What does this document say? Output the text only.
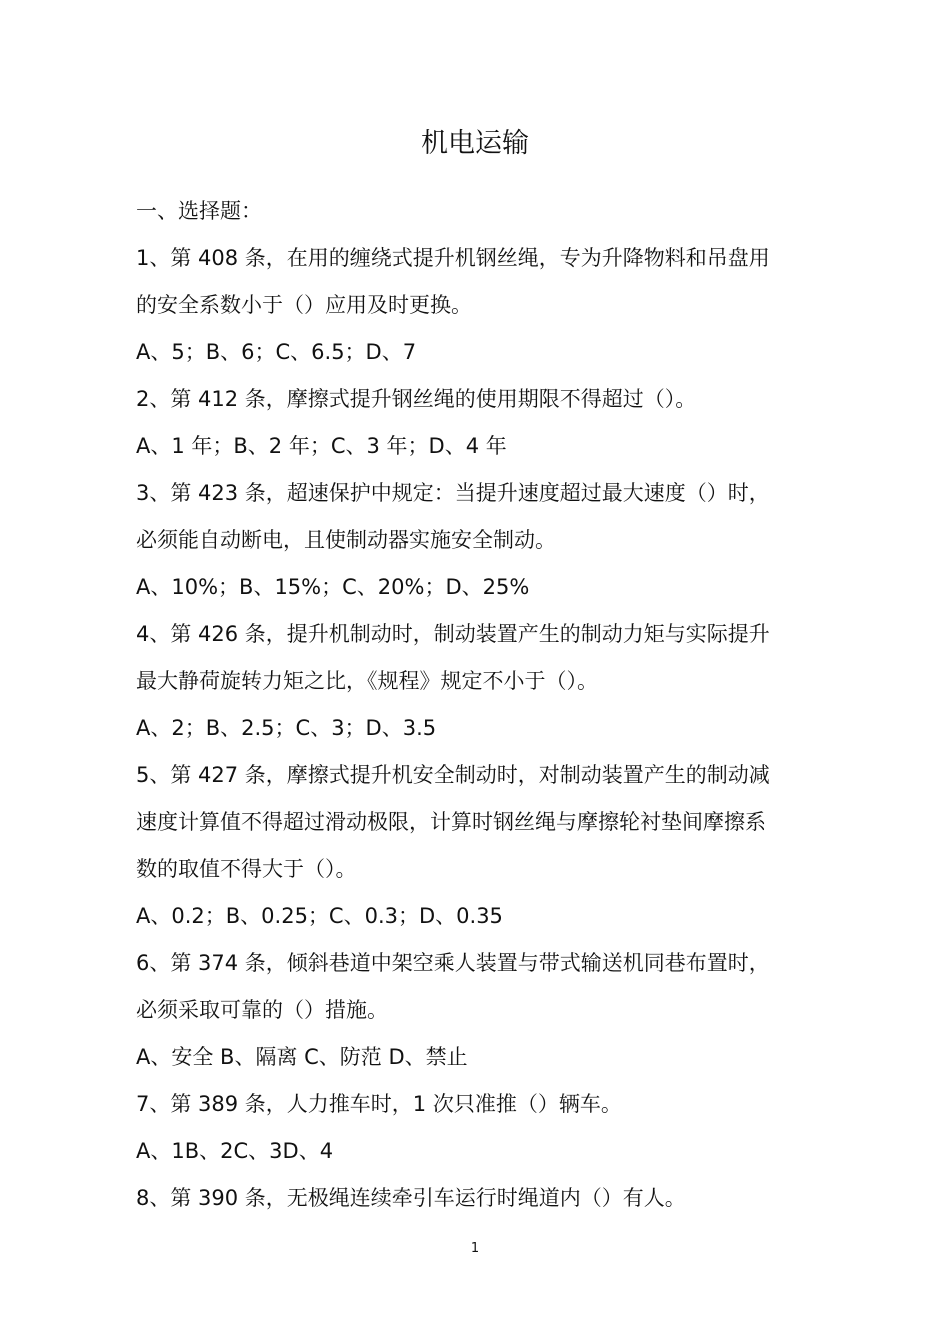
机电运输

一、选择题：

1、第 408 条，在用的缠绕式提升机钢丝绳，专为升降物料和吊盘用

的安全系数小于（）应用及时更换。

A、5；B、6；C、6.5；D、7

2、第 412 条，摩擦式提升钢丝绳的使用期限不得超过（）。

A、1 年；B、2 年；C、3 年；D、4 年

3、第 423 条，超速保护中规定：当提升速度超过最大速度（）时，

必须能自动断电，且使制动器实施安全制动。

A、10%；B、15%；C、20%；D、25%

4、第 426 条，提升机制动时，制动装置产生的制动力矩与实际提升

最大静荷旋转力矩之比，《规程》规定不小于（）。

A、2；B、2.5；C、3；D、3.5

5、第 427 条，摩擦式提升机安全制动时，对制动装置产生的制动减

速度计算值不得超过滑动极限，计算时钢丝绳与摩擦轮衬垫间摩擦系

数的取值不得大于（）。

A、0.2；B、0.25；C、0.3；D、0.35

6、第 374 条，倾斜巷道中架空乘人装置与带式输送机同巷布置时，

必须采取可靠的（）措施。

A、安全 B、隔离 C、防范 D、禁止

7、第 389 条，人力推车时，1 次只准推（）辆车。

A、1B、2C、3D、4

8、第 390 条，无极绳连续牵引车运行时绳道内（）有人。

1
